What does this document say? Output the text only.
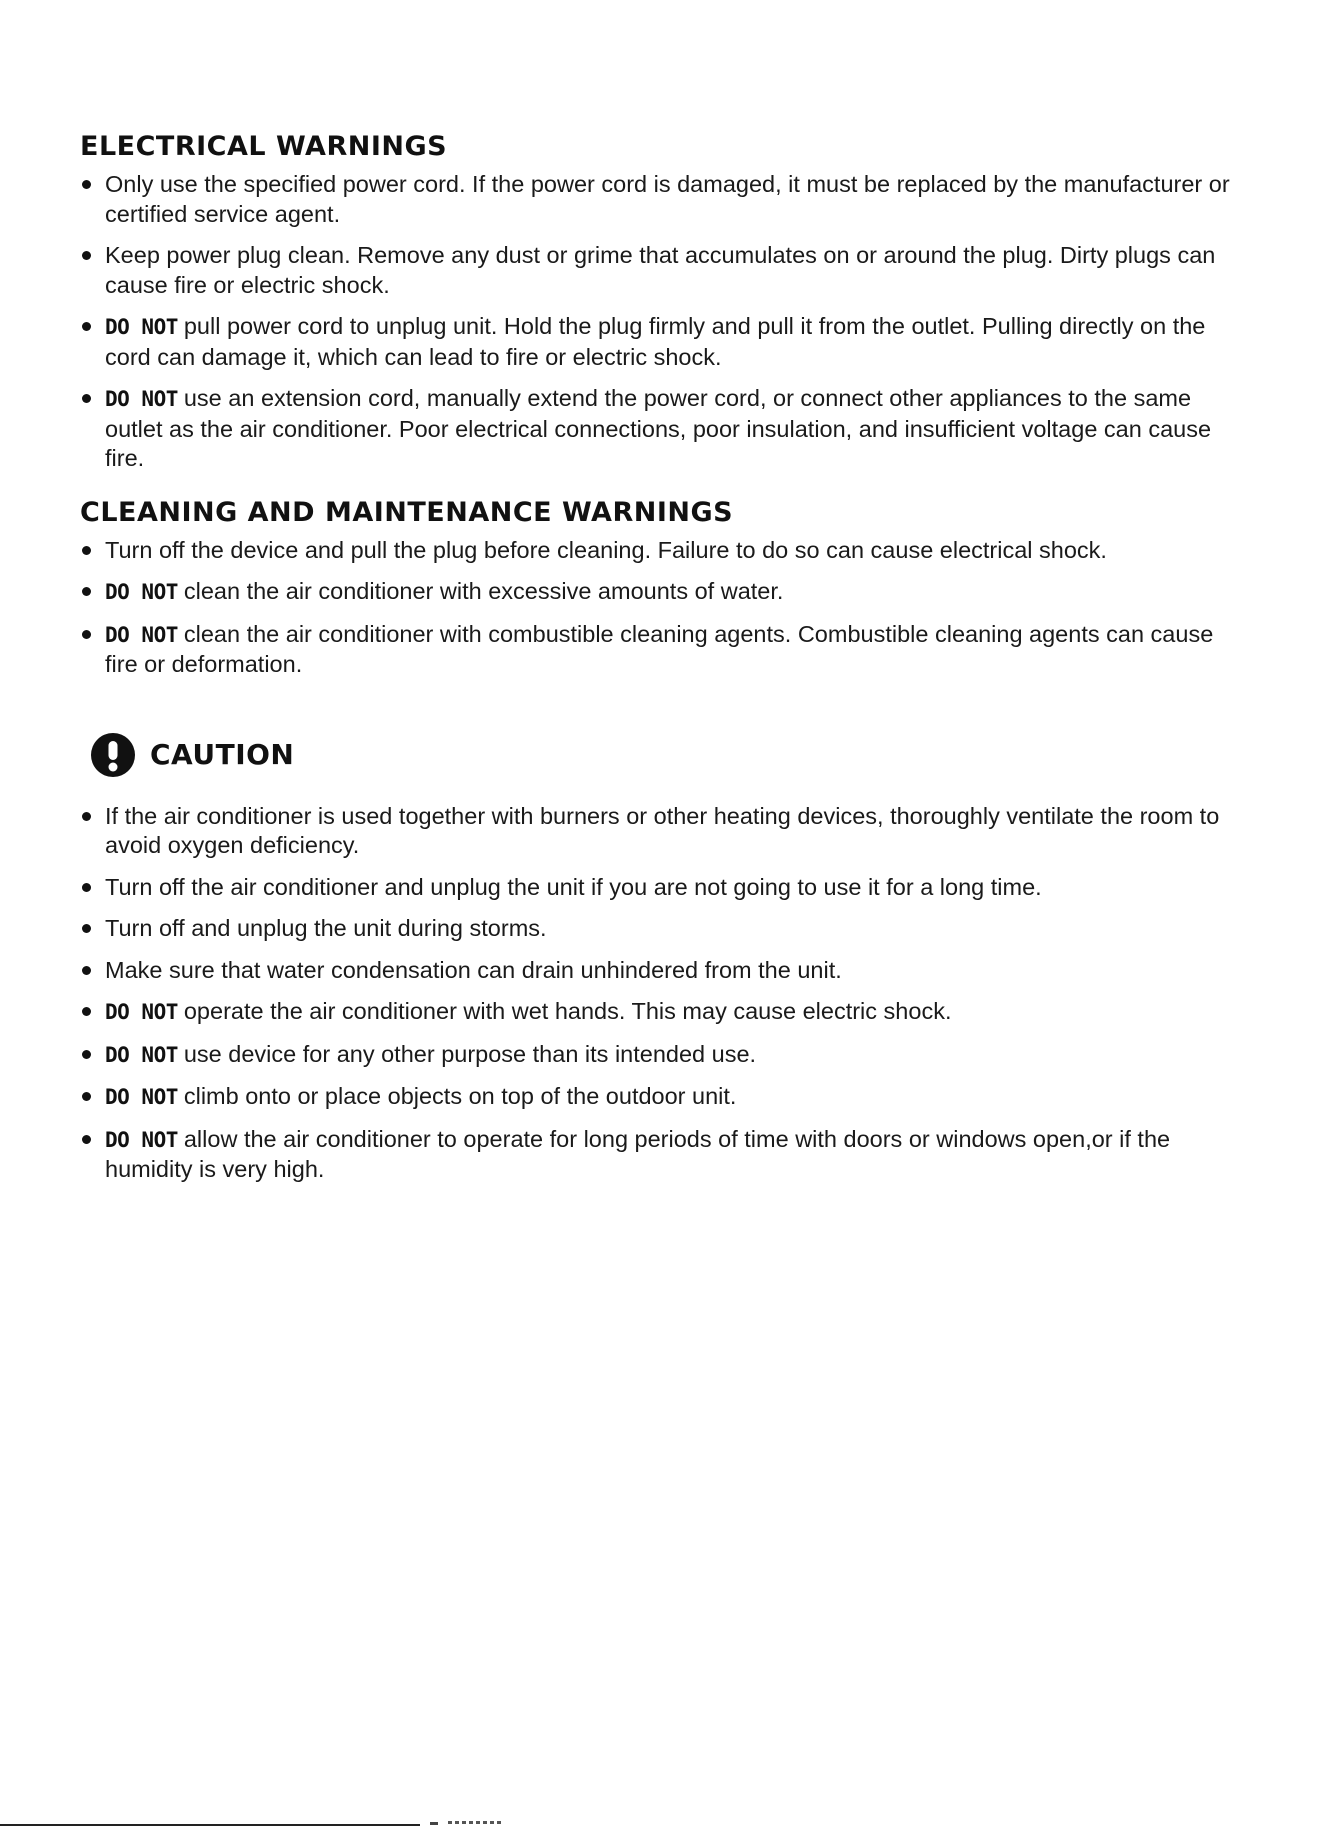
ELECTRICAL WARNINGS
Only use the specified power cord. If the power cord is damaged, it must be replaced by the manufacturer or certified service agent.
Keep power plug clean. Remove any dust or grime that accumulates on or around the plug. Dirty plugs can cause fire or electric shock.
DO NOT pull power cord to unplug unit. Hold the plug firmly and pull it from the outlet. Pulling directly on the cord can damage it, which can lead to fire or electric shock.
DO NOT use an extension cord, manually extend the power cord, or connect other appliances to the same outlet as the air conditioner. Poor electrical connections, poor insulation, and insufficient voltage can cause fire.
CLEANING AND MAINTENANCE WARNINGS
Turn off the device and pull the plug before cleaning. Failure to do so can cause electrical shock.
DO NOT clean the air conditioner with excessive amounts of water.
DO NOT clean the air conditioner with combustible cleaning agents. Combustible cleaning agents can cause fire or deformation.
CAUTION
If the air conditioner is used together with burners or other heating devices, thoroughly ventilate the room to avoid oxygen deficiency.
Turn off the air conditioner and unplug the unit if you are not going to use it for a long time.
Turn off and unplug the unit during storms.
Make sure that water condensation can drain unhindered from the unit.
DO NOT operate the air conditioner with wet hands. This may cause electric shock.
DO NOT use device for any other purpose than its intended use.
DO NOT climb onto or place objects on top of the outdoor unit.
DO NOT allow the air conditioner to operate for long periods of time with doors or windows open,or if the humidity is very high.
